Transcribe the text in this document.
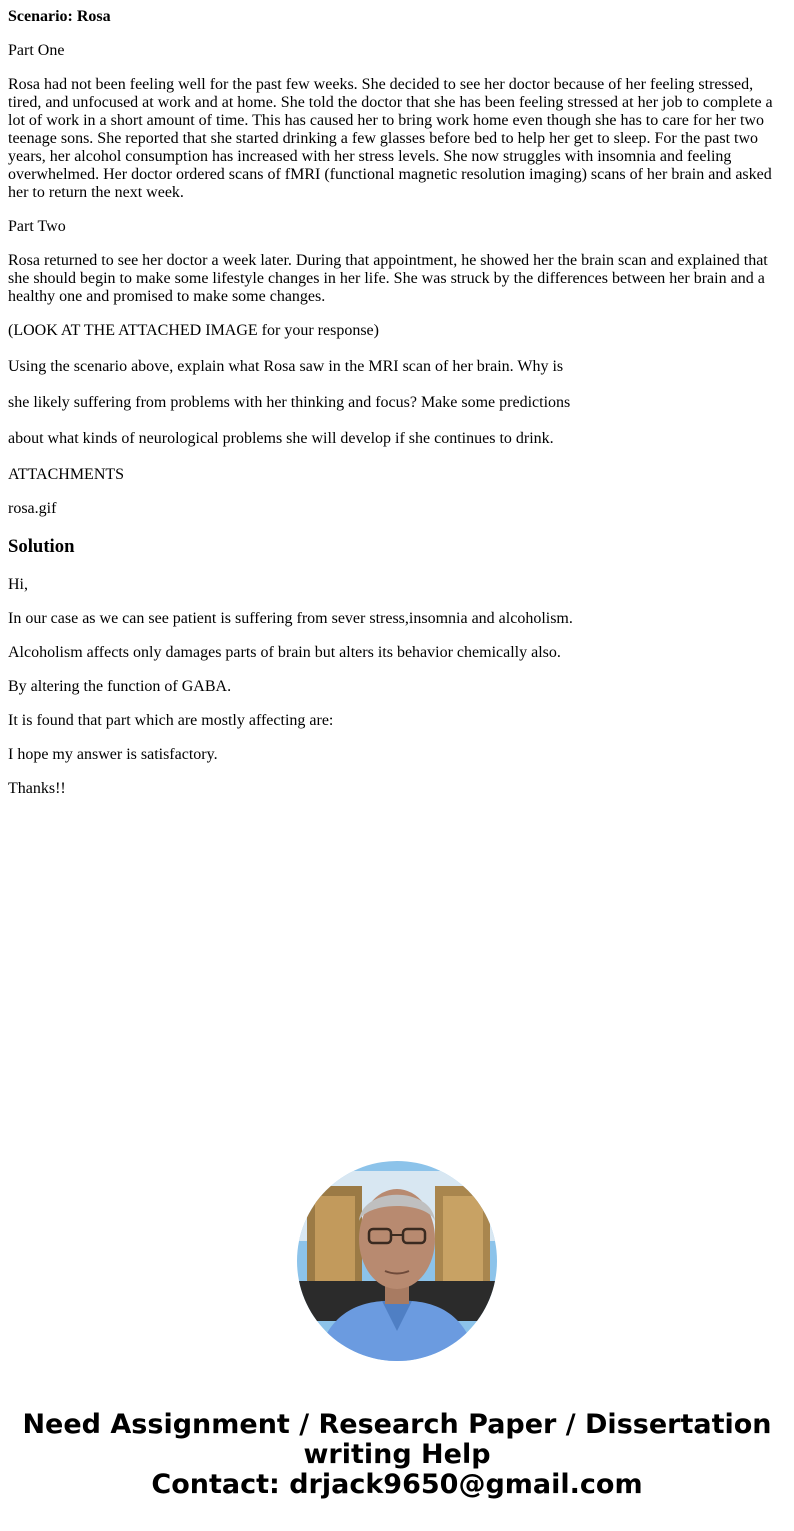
Scenario: Rosa

Part One

Rosa had not been feeling well for the past few weeks. She decided to see her doctor because of her feeling stressed, tired, and unfocused at work and at home. She told the doctor that she has been feeling stressed at her job to complete a lot of work in a short amount of time. This has caused her to bring work home even though she has to care for her two teenage sons. She reported that she started drinking a few glasses before bed to help her get to sleep. For the past two years, her alcohol consumption has increased with her stress levels. She now struggles with insomnia and feeling overwhelmed. Her doctor ordered scans of fMRI (functional magnetic resolution imaging) scans of her brain and asked her to return the next week.

Part Two

Rosa returned to see her doctor a week later. During that appointment, he showed her the brain scan and explained that she should begin to make some lifestyle changes in her life. She was struck by the differences between her brain and a healthy one and promised to make some changes.

(LOOK AT THE ATTACHED IMAGE for your response)

Using the scenario above, explain what Rosa saw in the MRI scan of her brain. Why is

she likely suffering from problems with her thinking and focus? Make some predictions

about what kinds of neurological problems she will develop if she continues to drink.

ATTACHMENTS

rosa.gif

Solution

Hi,

In our case as we can see patient is suffering from sever stress,insomnia and alcoholism.

Alcoholism affects only damages parts of brain but alters its behavior chemically also.

By altering the function of GABA.

It is found that part which are mostly affecting are:

I hope my answer is satisfactory.

Thanks!!

Need Assignment / Research Paper / Dissertation
writing Help
Contact: drjack9650@gmail.com
